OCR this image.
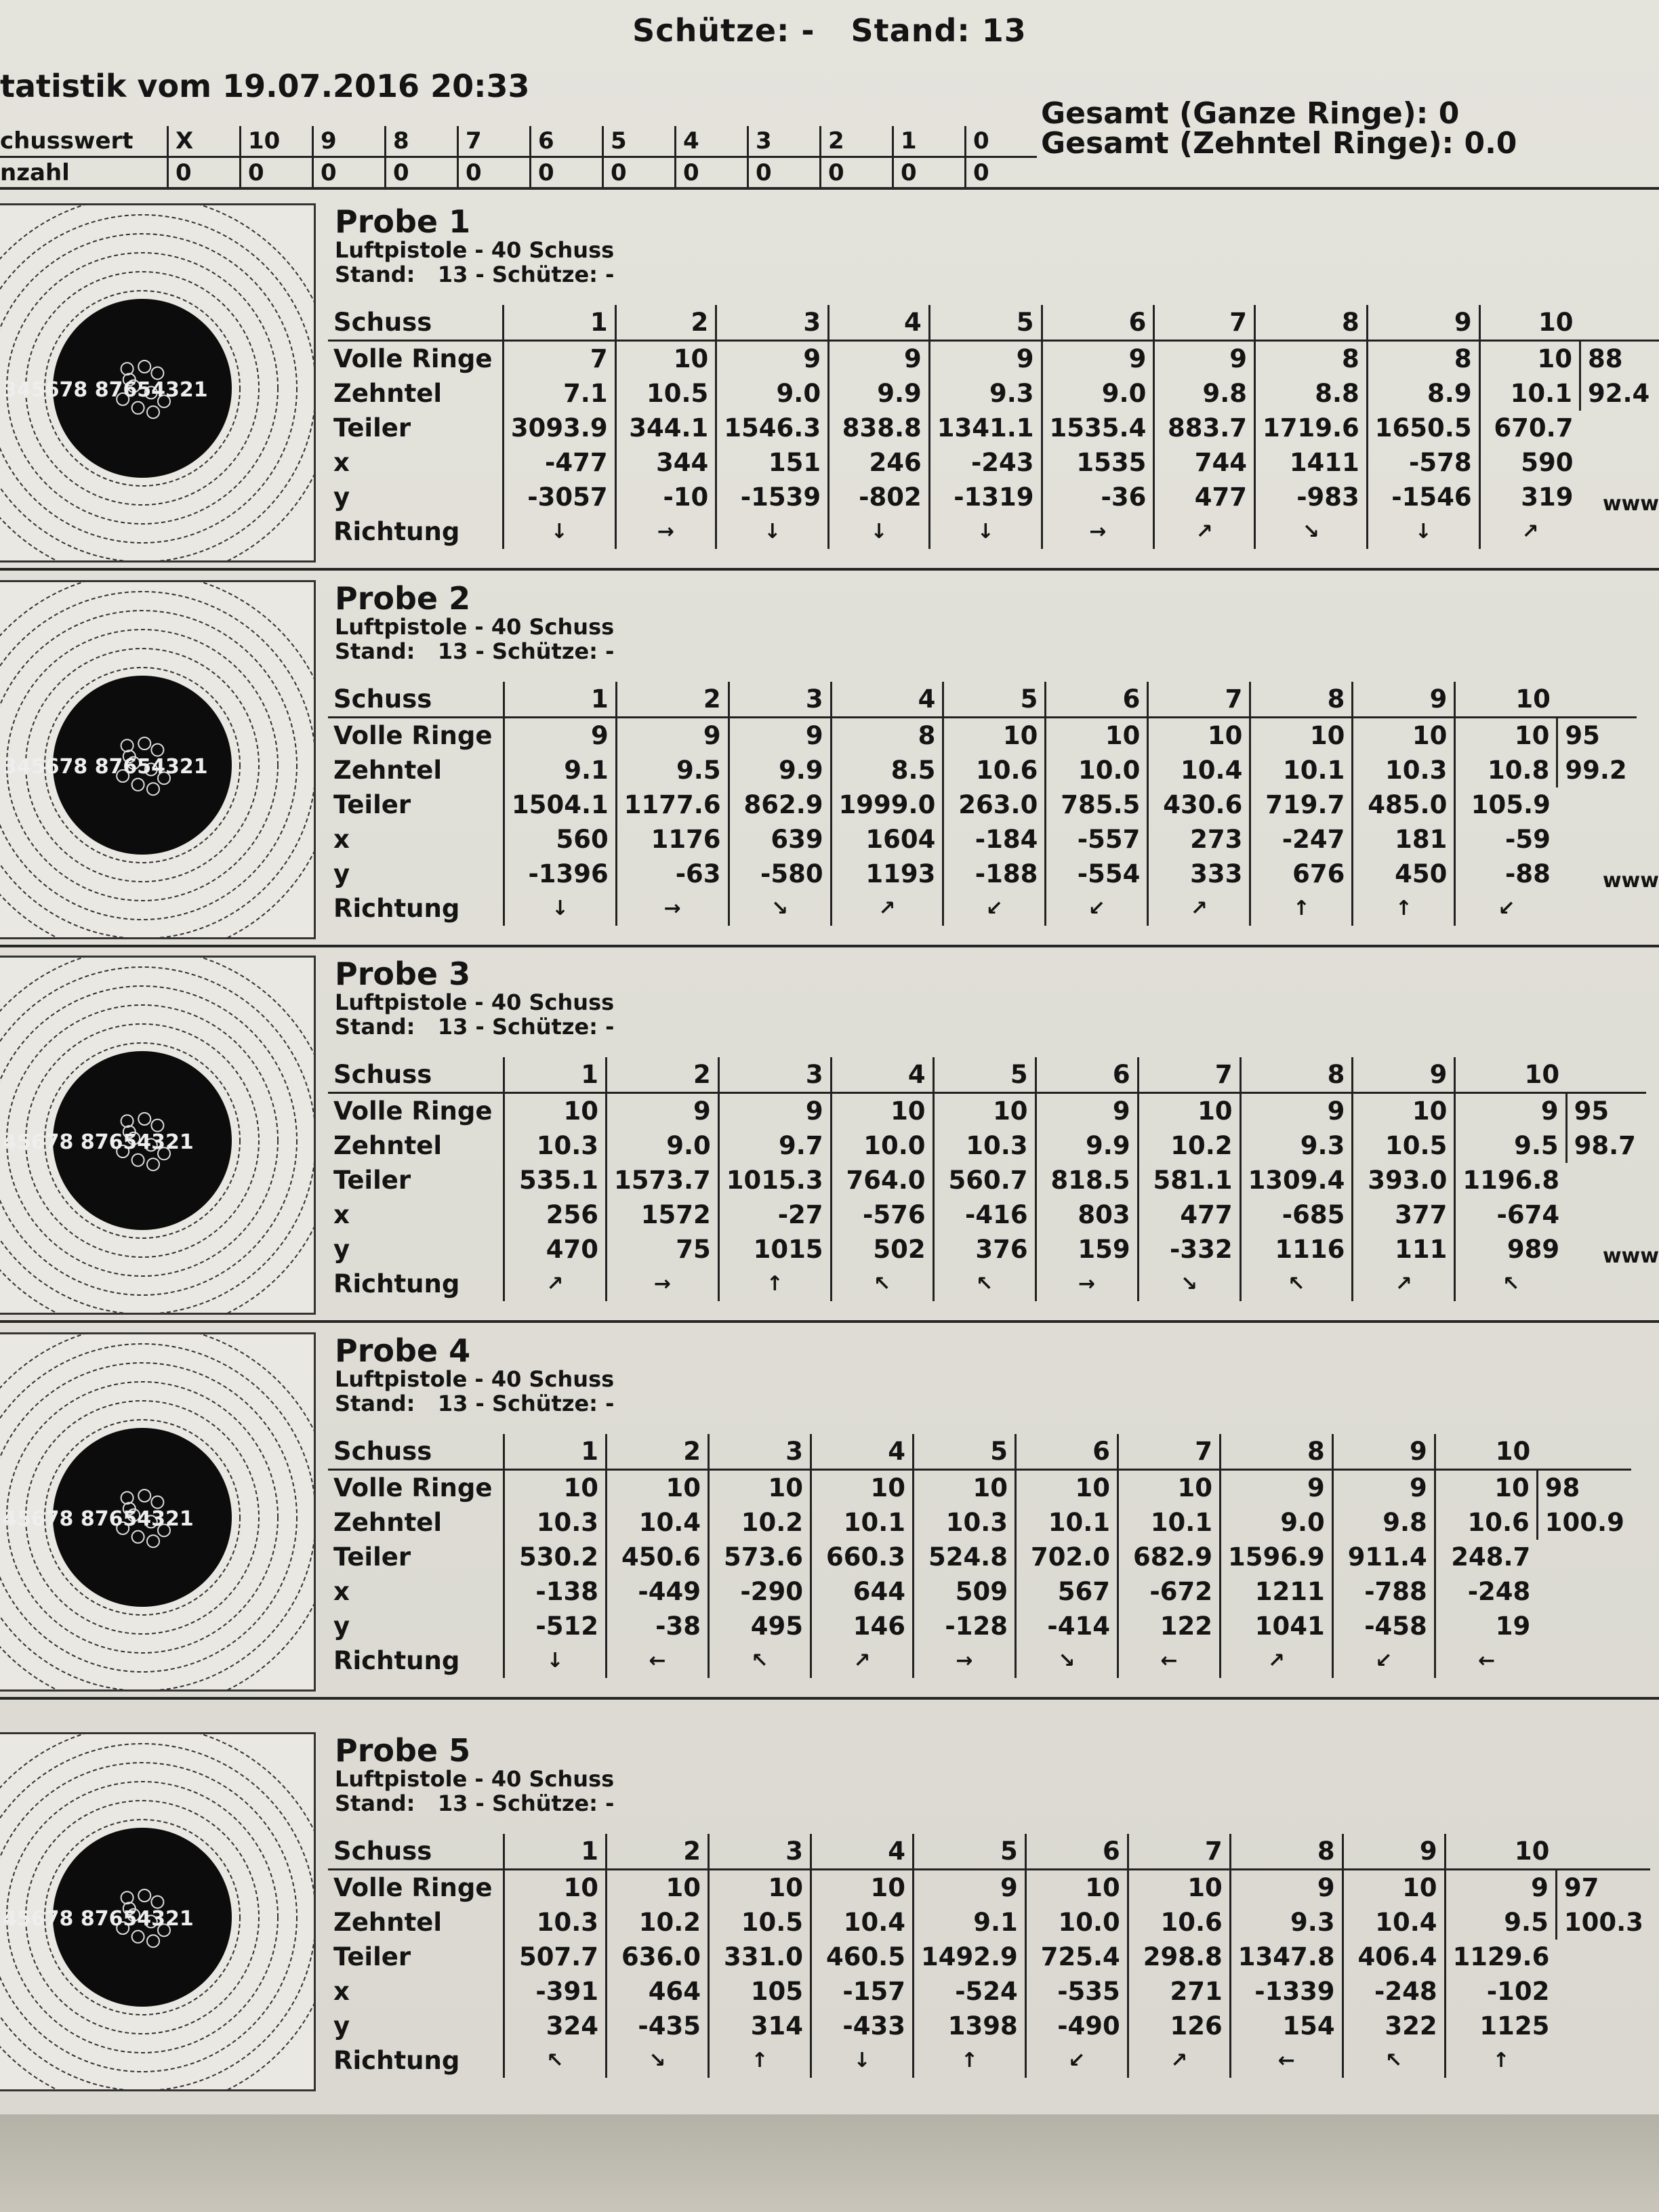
Schütze: - Stand: 13
tatistik vom 19.07.2016 20:33
Gesamt (Ganze Ringe): 0
Gesamt (Zehntel Ringe): 0.0
chusswert	X	10	9	8	7	6	5	4	3	2	1	0
nzahl	0	0	0	0	0	0	0	0	0	0	0	0
345678 87654321
Probe 1
Luftpistole - 40 Schuss
Stand:   13 - Schütze: -
Schuss	1	2	3	4	5	6	7	8	9	10	
Volle Ringe	7	10	9	9	9	9	9	8	8	10	88
Zehntel	7.1	10.5	9.0	9.9	9.3	9.0	9.8	8.8	8.9	10.1	92.4
Teiler	3093.9	344.1	1546.3	838.8	1341.1	1535.4	883.7	1719.6	1650.5	670.7	
x	-477	344	151	246	-243	1535	744	1411	-578	590	
y	-3057	-10	-1539	-802	-1319	-36	477	-983	-1546	319	
Richtung	↓	→	↓	↓	↓	→	↗	↘	↓	↗	
www
345678 87654321
Probe 2
Luftpistole - 40 Schuss
Stand:   13 - Schütze: -
Schuss	1	2	3	4	5	6	7	8	9	10	
Volle Ringe	9	9	9	8	10	10	10	10	10	10	95
Zehntel	9.1	9.5	9.9	8.5	10.6	10.0	10.4	10.1	10.3	10.8	99.2
Teiler	1504.1	1177.6	862.9	1999.0	263.0	785.5	430.6	719.7	485.0	105.9	
x	560	1176	639	1604	-184	-557	273	-247	181	-59	
y	-1396	-63	-580	1193	-188	-554	333	676	450	-88	
Richtung	↓	→	↘	↗	↙	↙	↗	↑	↑	↙	
www
45678 87654321
Probe 3
Luftpistole - 40 Schuss
Stand:   13 - Schütze: -
Schuss	1	2	3	4	5	6	7	8	9	10	
Volle Ringe	10	9	9	10	10	9	10	9	10	9	95
Zehntel	10.3	9.0	9.7	10.0	10.3	9.9	10.2	9.3	10.5	9.5	98.7
Teiler	535.1	1573.7	1015.3	764.0	560.7	818.5	581.1	1309.4	393.0	1196.8	
x	256	1572	-27	-576	-416	803	477	-685	377	-674	
y	470	75	1015	502	376	159	-332	1116	111	989	
Richtung	↗	→	↑	↖	↖	→	↘	↖	↗	↖	
www
45678 87654321
Probe 4
Luftpistole - 40 Schuss
Stand:   13 - Schütze: -
Schuss	1	2	3	4	5	6	7	8	9	10	
Volle Ringe	10	10	10	10	10	10	10	9	9	10	98
Zehntel	10.3	10.4	10.2	10.1	10.3	10.1	10.1	9.0	9.8	10.6	100.9
Teiler	530.2	450.6	573.6	660.3	524.8	702.0	682.9	1596.9	911.4	248.7	
x	-138	-449	-290	644	509	567	-672	1211	-788	-248	
y	-512	-38	495	146	-128	-414	122	1041	-458	19	
Richtung	↓	←	↖	↗	→	↘	←	↗	↙	←	
45678 87654321
Probe 5
Luftpistole - 40 Schuss
Stand:   13 - Schütze: -
Schuss	1	2	3	4	5	6	7	8	9	10	
Volle Ringe	10	10	10	10	9	10	10	9	10	9	97
Zehntel	10.3	10.2	10.5	10.4	9.1	10.0	10.6	9.3	10.4	9.5	100.3
Teiler	507.7	636.0	331.0	460.5	1492.9	725.4	298.8	1347.8	406.4	1129.6	
x	-391	464	105	-157	-524	-535	271	-1339	-248	-102	
y	324	-435	314	-433	1398	-490	126	154	322	1125	
Richtung	↖	↘	↑	↓	↑	↙	↗	←	↖	↑	
